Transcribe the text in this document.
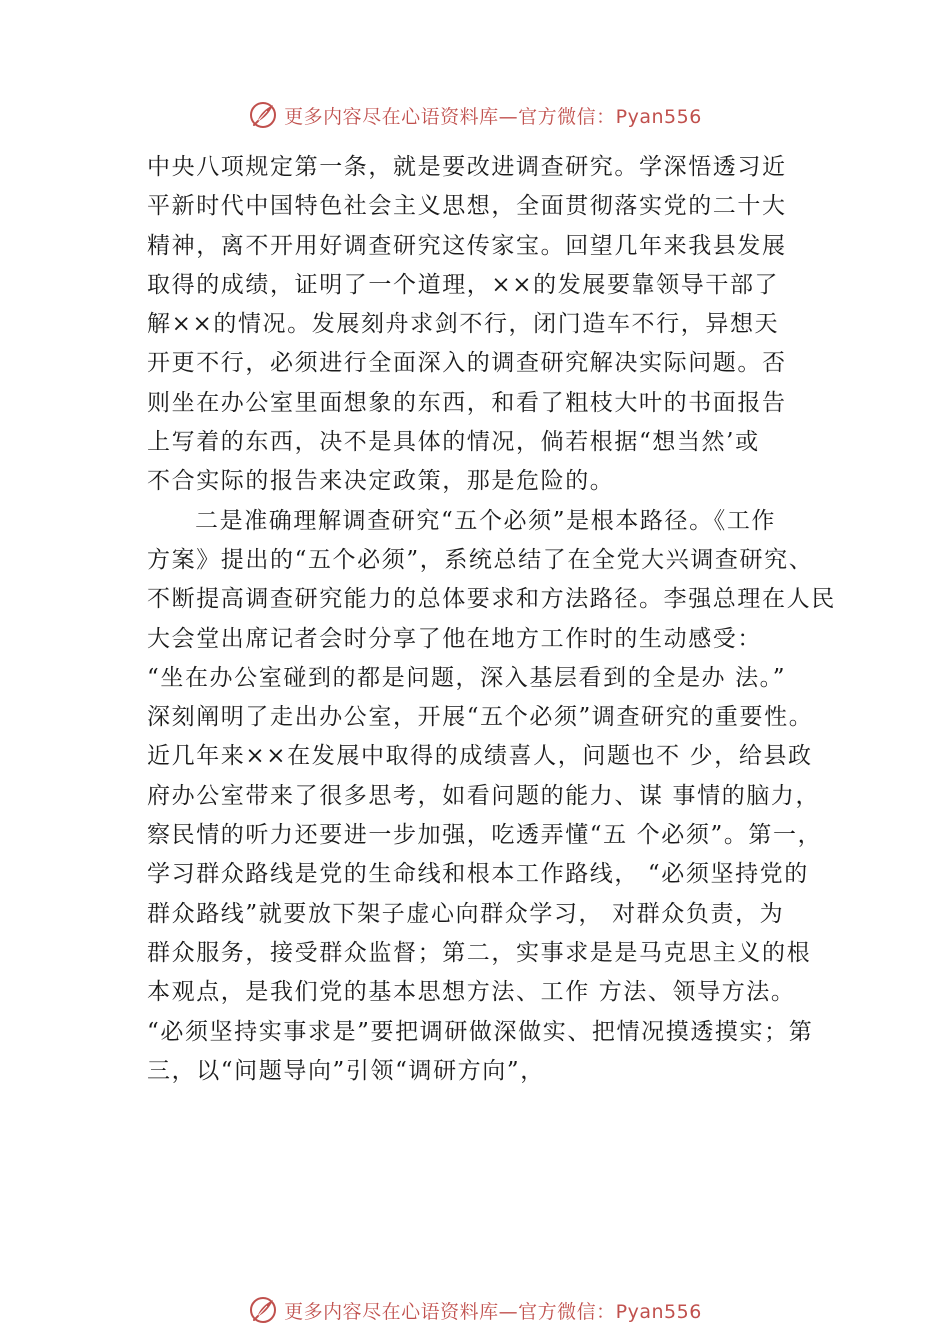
更多内容尽在心语资料库—官方微信：Pyan556
中央八项规定第一条，就是要改进调查研究。学深悟透习近
平新时代中国特色社会主义思想，全面贯彻落实党的二十大
精神，离不开用好调查研究这传家宝。回望几年来我县发展
取得的成绩，证明了一个道理，××的发展要靠领导干部了
解××的情况。发展刻舟求剑不行，闭门造车不行，异想天
开更不行，必须进行全面深入的调查研究解决实际问题。否
则坐在办公室里面想象的东西，和看了粗枝大叶的书面报告
上写着的东西，决不是具体的情况，倘若根据“想当然’或
不合实际的报告来决定政策，那是危险的。
二是准确理解调查研究“五个必须”是根本路径。《工作
方案》提出的“五个必须”，系统总结了在全党大兴调查研究、
不断提高调查研究能力的总体要求和方法路径。李强总理在人民
大会堂出席记者会时分享了他在地方工作时的生动感受：
“坐在办公室碰到的都是问题，深入基层看到的全是办 法。”
深刻阐明了走出办公室，开展“五个必须”调查研究的重要性。
近几年来××在发展中取得的成绩喜人，问题也不 少，给县政
府办公室带来了很多思考，如看问题的能力、谋 事情的脑力，
察民情的听力还要进一步加强，吃透弄懂“五 个必须”。第一，
学习群众路线是党的生命线和根本工作路线， “必须坚持党的
群众路线”就要放下架子虚心向群众学习， 对群众负责，为
群众服务，接受群众监督；第二，实事求是是马克思主义的根
本观点，是我们党的基本思想方法、工作 方法、领导方法。
“必须坚持实事求是”要把调研做深做实、把情况摸透摸实；第
三，以“问题导向”引领“调研方向”，
更多内容尽在心语资料库—官方微信：Pyan556
